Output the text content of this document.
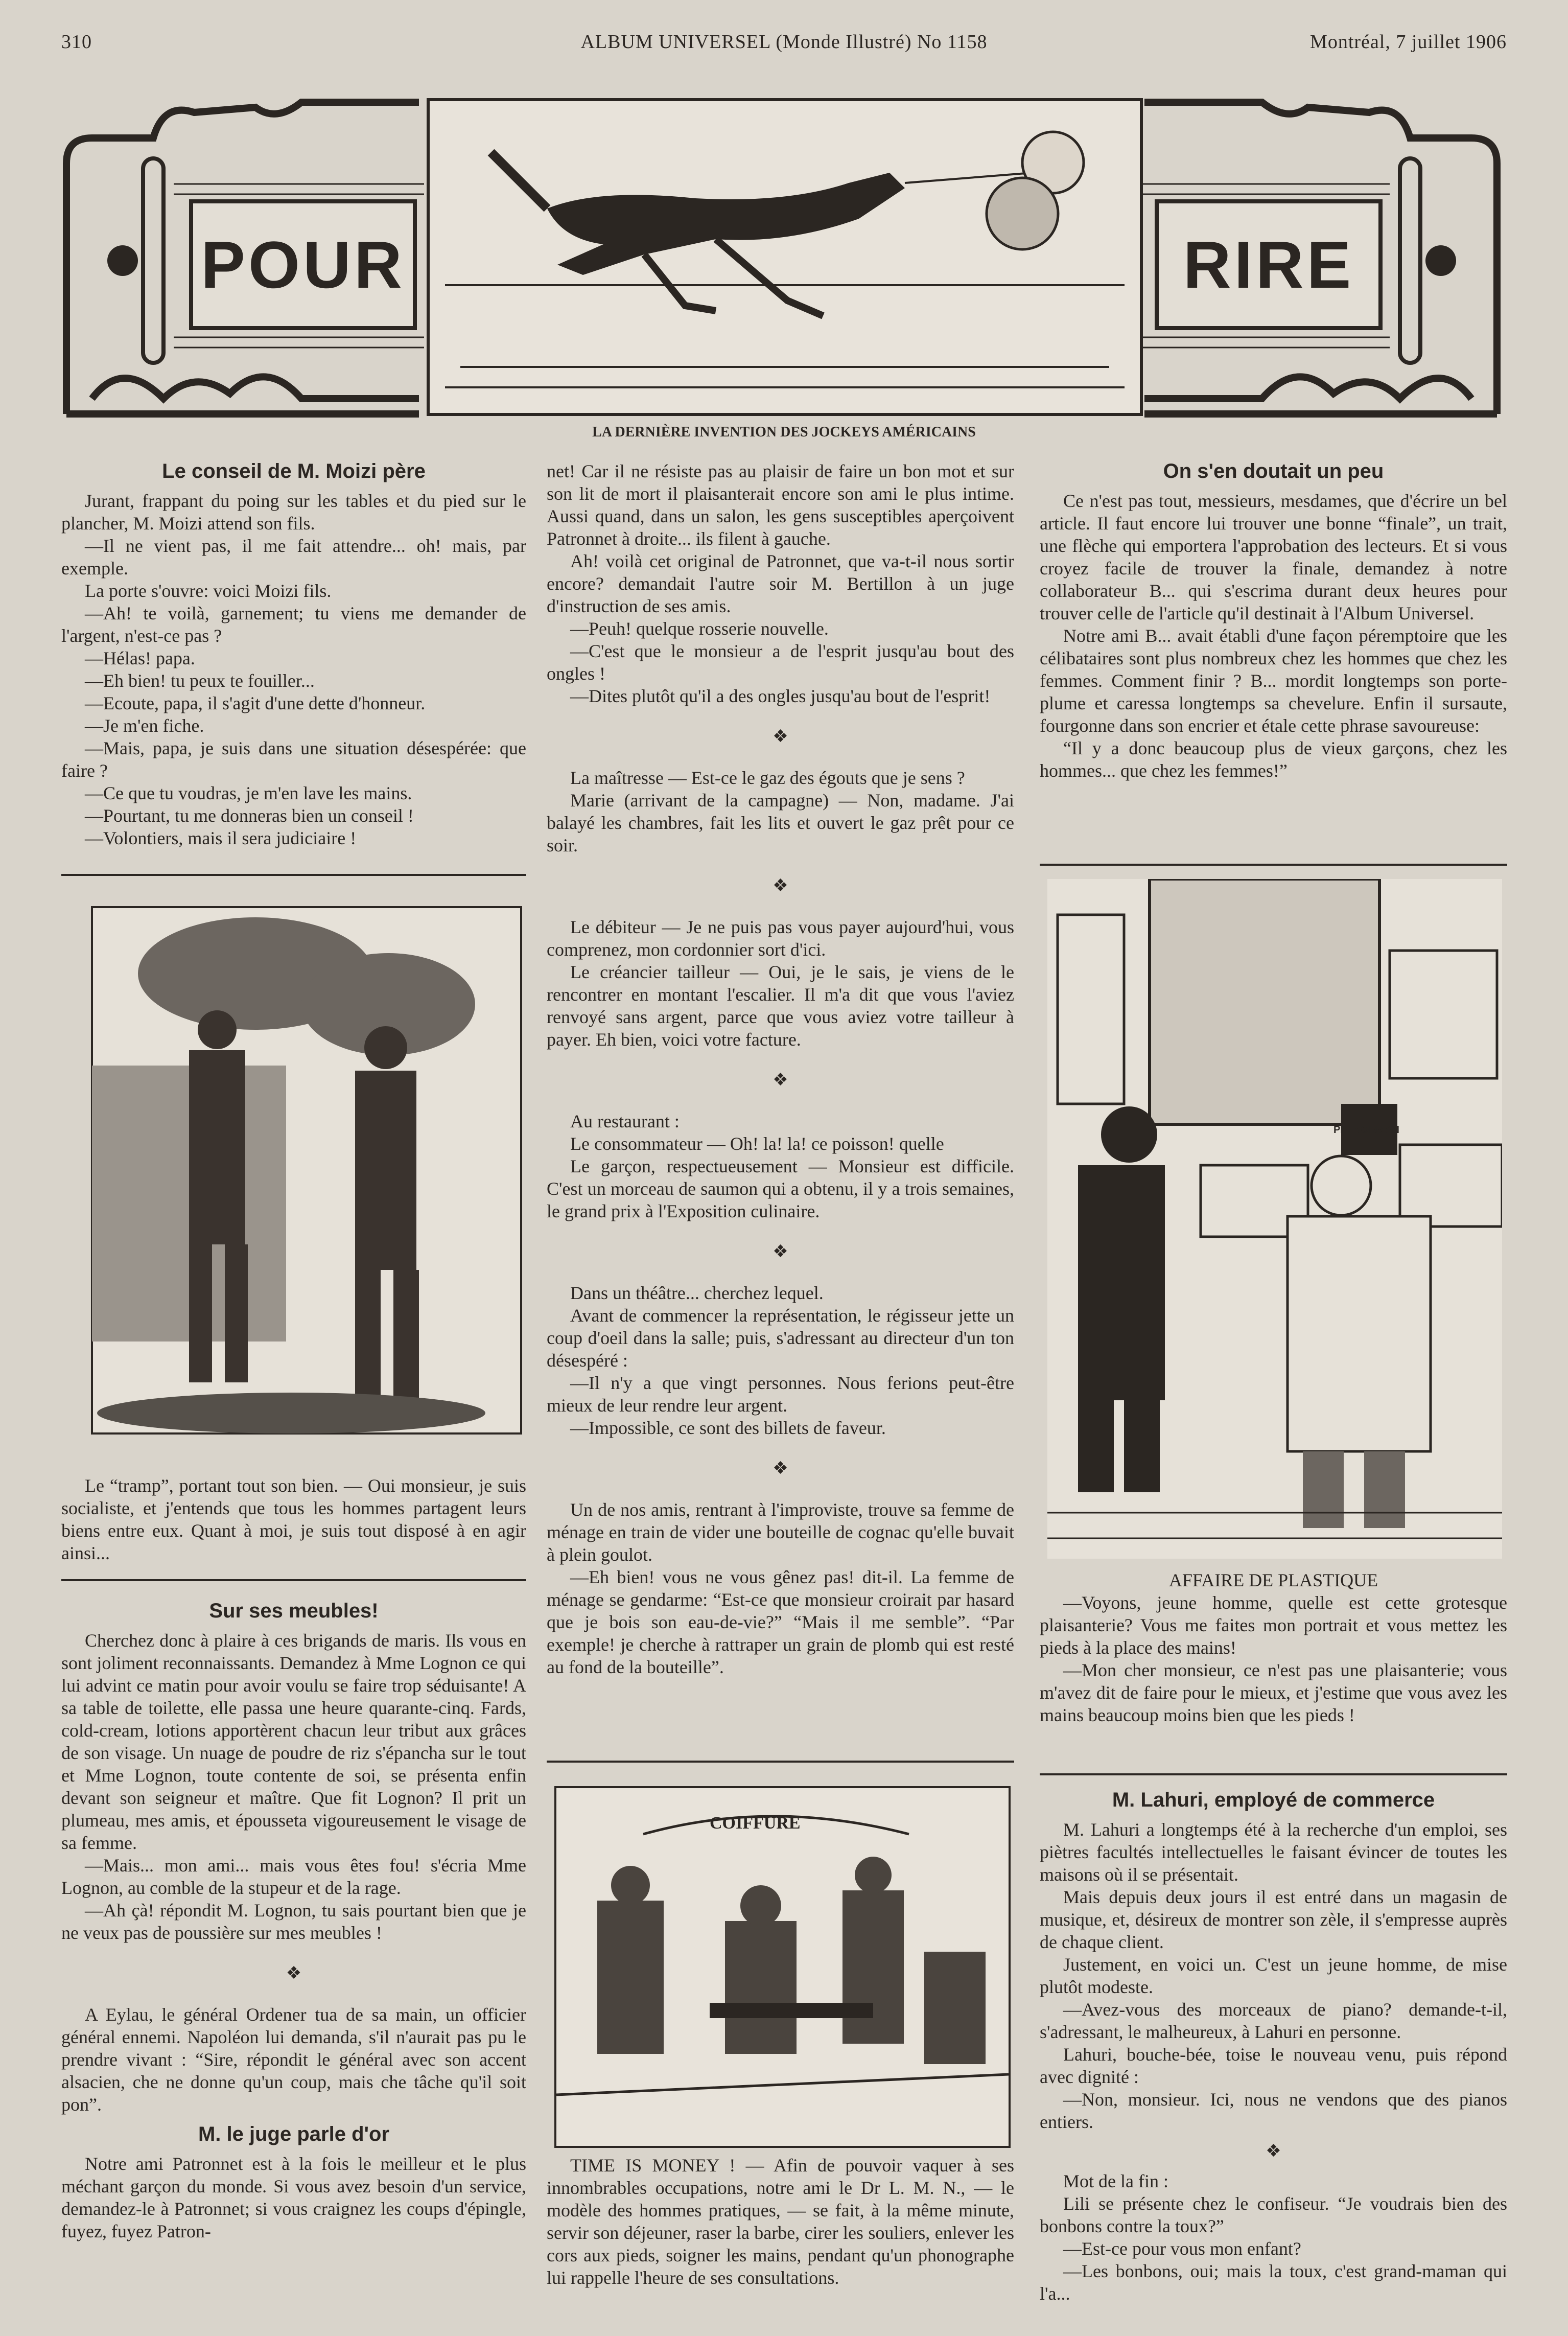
310	ALBUM UNIVERSEL (Monde Illustré) No 1158	Montréal, 7 juillet 1906
POUR	RIRE
LA DERNIÈRE INVENTION DES JOCKEYS AMÉRICAINS
Le conseil de M. Moizi père

Jurant, frappant du poing sur les tables et du pied sur le plancher, M. Moizi attend son fils.

—Il ne vient pas, il me fait attendre... oh! mais, par exemple.

La porte s'ouvre: voici Moizi fils.

—Ah! te voilà, garnement; tu viens me demander de l'argent, n'est-ce pas ?

—Hélas! papa.

—Eh bien! tu peux te fouiller...

—Ecoute, papa, il s'agit d'une dette d'honneur.

—Je m'en fiche.

—Mais, papa, je suis dans une situation désespérée: que faire ?

—Ce que tu voudras, je m'en lave les mains.

—Pourtant, tu me donneras bien un conseil !

—Volontiers, mais il sera judiciaire !

Le “tramp”, portant tout son bien. — Oui monsieur, je suis socialiste, et j'entends que tous les hommes partagent leurs biens entre eux. Quant à moi, je suis tout disposé à en agir ainsi...

Sur ses meubles!

Cherchez donc à plaire à ces brigands de maris. Ils vous en sont joliment reconnaissants. Demandez à Mme Lognon ce qui lui advint ce matin pour avoir voulu se faire trop séduisante! A sa table de toilette, elle passa une heure quarante-cinq. Fards, cold-cream, lotions apportèrent chacun leur tribut aux grâces de son visage. Un nuage de poudre de riz s'épancha sur le tout et Mme Lognon, toute contente de soi, se présenta enfin devant son seigneur et maître. Que fit Lognon? Il prit un plumeau, mes amis, et épousseta vigoureusement le visage de sa femme.

—Mais... mon ami... mais vous êtes fou! s'écria Mme Lognon, au comble de la stupeur et de la rage.

—Ah çà! répondit M. Lognon, tu sais pourtant bien que je ne veux pas de poussière sur mes meubles !

❖

A Eylau, le général Ordener tua de sa main, un officier général ennemi. Napoléon lui demanda, s'il n'aurait pas pu le prendre vivant : “Sire, répondit le général avec son accent alsacien, che ne donne qu'un coup, mais che tâche qu'il soit pon”.

M. le juge parle d'or

Notre ami Patronnet est à la fois le meilleur et le plus méchant garçon du monde. Si vous avez besoin d'un service, demandez-le à Patronnet; si vous craignez les coups d'épingle, fuyez, fuyez Patron-

net! Car il ne résiste pas au plaisir de faire un bon mot et sur son lit de mort il plaisanterait encore son ami le plus intime. Aussi quand, dans un salon, les gens susceptibles aperçoivent Patronnet à droite... ils filent à gauche.

Ah! voilà cet original de Patronnet, que va-t-il nous sortir encore? demandait l'autre soir M. Bertillon à un juge d'instruction de ses amis.

—Peuh! quelque rosserie nouvelle.

—C'est que le monsieur a de l'esprit jusqu'au bout des ongles !

—Dites plutôt qu'il a des ongles jusqu'au bout de l'esprit!

❖

La maîtresse — Est-ce le gaz des égouts que je sens ?

Marie (arrivant de la campagne) — Non, madame. J'ai balayé les chambres, fait les lits et ouvert le gaz prêt pour ce soir.

❖

Le débiteur — Je ne puis pas vous payer aujourd'hui, vous comprenez, mon cordonnier sort d'ici.

Le créancier tailleur — Oui, je le sais, je viens de le rencontrer en montant l'escalier. Il m'a dit que vous l'aviez renvoyé sans argent, parce que vous aviez votre tailleur à payer. Eh bien, voici votre facture.

❖

Au restaurant :

Le consommateur — Oh! la! la! ce poisson! quelle

Le garçon, respectueusement — Monsieur est difficile. C'est un morceau de saumon qui a obtenu, il y a trois semaines, le grand prix à l'Exposition culinaire.

❖

Dans un théâtre... cherchez lequel.

Avant de commencer la représentation, le régisseur jette un coup d'oeil dans la salle; puis, s'adressant au directeur d'un ton désespéré :

—Il n'y a que vingt personnes. Nous ferions peut-être mieux de leur rendre leur argent.

—Impossible, ce sont des billets de faveur.

❖

Un de nos amis, rentrant à l'improviste, trouve sa femme de ménage en train de vider une bouteille de cognac qu'elle buvait à plein goulot.

—Eh bien! vous ne vous gênez pas! dit-il. La femme de ménage se gendarme: “Est-ce que monsieur croirait par hasard que je bois son eau-de-vie?” “Mais il me semble”. “Par exemple! je cherche à rattraper un grain de plomb qui est resté au fond de la bouteille”.

COIFFURE

TIME IS MONEY ! — Afin de pouvoir vaquer à ses innombrables occupations, notre ami le Dr L. M. N., — le modèle des hommes pratiques, — se fait, à la même minute, servir son déjeuner, raser la barbe, cirer les souliers, enlever les cors aux pieds, soigner les mains, pendant qu'un phonographe lui rappelle l'heure de ses consultations.

On s'en doutait un peu

Ce n'est pas tout, messieurs, mesdames, que d'écrire un bel article. Il faut encore lui trouver une bonne “finale”, un trait, une flèche qui emportera l'approbation des lecteurs. Et si vous croyez facile de trouver la finale, demandez à notre collaborateur B... qui s'escrima durant deux heures pour trouver celle de l'article qu'il destinait à l'Album Universel.

Notre ami B... avait établi d'une façon péremptoire que les célibataires sont plus nombreux chez les hommes que chez les femmes. Comment finir ? B... mordit longtemps son porte-plume et caressa longtemps sa chevelure. Enfin il sursaute, fourgonne dans son encrier et étale cette phrase savoureuse:

“Il y a donc beaucoup plus de vieux garçons, chez les hommes... que chez les femmes!”

PH. NORMAN

AFFAIRE DE PLASTIQUE

—Voyons, jeune homme, quelle est cette grotesque plaisanterie? Vous me faites mon portrait et vous mettez les pieds à la place des mains!

—Mon cher monsieur, ce n'est pas une plaisanterie; vous m'avez dit de faire pour le mieux, et j'estime que vous avez les mains beaucoup moins bien que les pieds !

M. Lahuri, employé de commerce

M. Lahuri a longtemps été à la recherche d'un emploi, ses piètres facultés intellectuelles le faisant évincer de toutes les maisons où il se présentait.

Mais depuis deux jours il est entré dans un magasin de musique, et, désireux de montrer son zèle, il s'empresse auprès de chaque client.

Justement, en voici un. C'est un jeune homme, de mise plutôt modeste.

—Avez-vous des morceaux de piano? demande-t-il, s'adressant, le malheureux, à Lahuri en personne.

Lahuri, bouche-bée, toise le nouveau venu, puis répond avec dignité :

—Non, monsieur. Ici, nous ne vendons que des pianos entiers.

❖

Mot de la fin :

Lili se présente chez le confiseur. “Je voudrais bien des bonbons contre la toux?”

—Est-ce pour vous mon enfant?

—Les bonbons, oui; mais la toux, c'est grand-maman qui l'a...
